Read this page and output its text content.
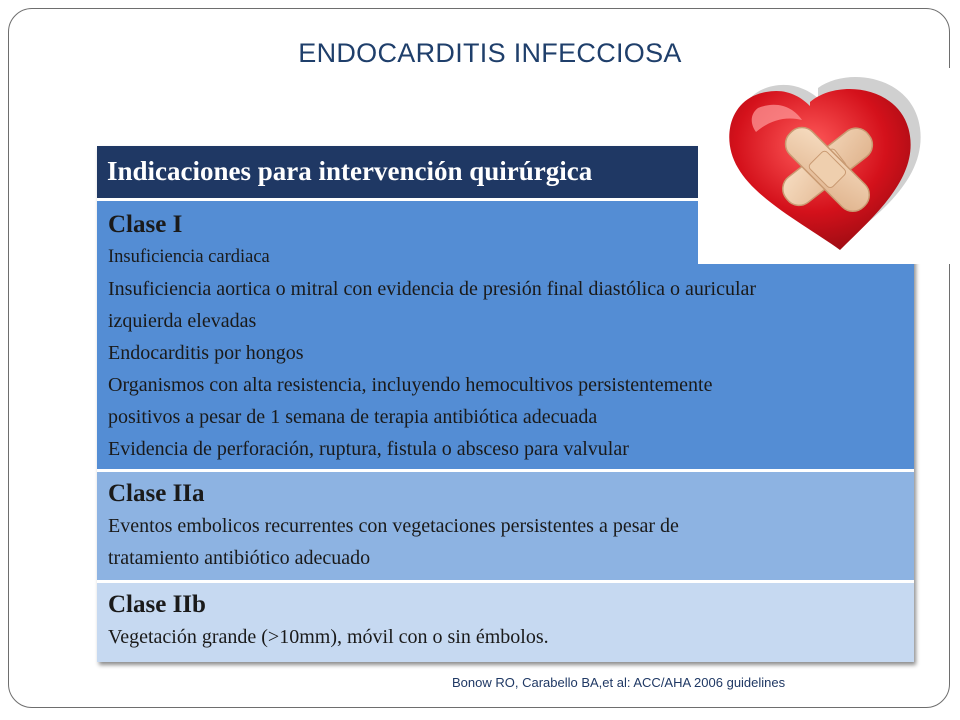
ENDOCARDITIS INFECCIOSA
Indicaciones para intervención quirúrgica
Clase I

Insuficiencia cardiaca

Insuficiencia aortica o mitral con evidencia de presión final diastólica o auricular

izquierda elevadas

Endocarditis por hongos

Organismos con alta resistencia, incluyendo hemocultivos persistentemente

positivos a pesar de 1 semana de terapia antibiótica adecuada

Evidencia de perforación, ruptura, fistula o absceso para valvular

Clase IIa

Eventos embolicos recurrentes con vegetaciones persistentes a pesar de

tratamiento antibiótico adecuado

Clase IIb

Vegetación grande (>10mm), móvil con o sin émbolos.

Bonow RO, Carabello BA,et al: ACC/AHA 2006 guidelines
